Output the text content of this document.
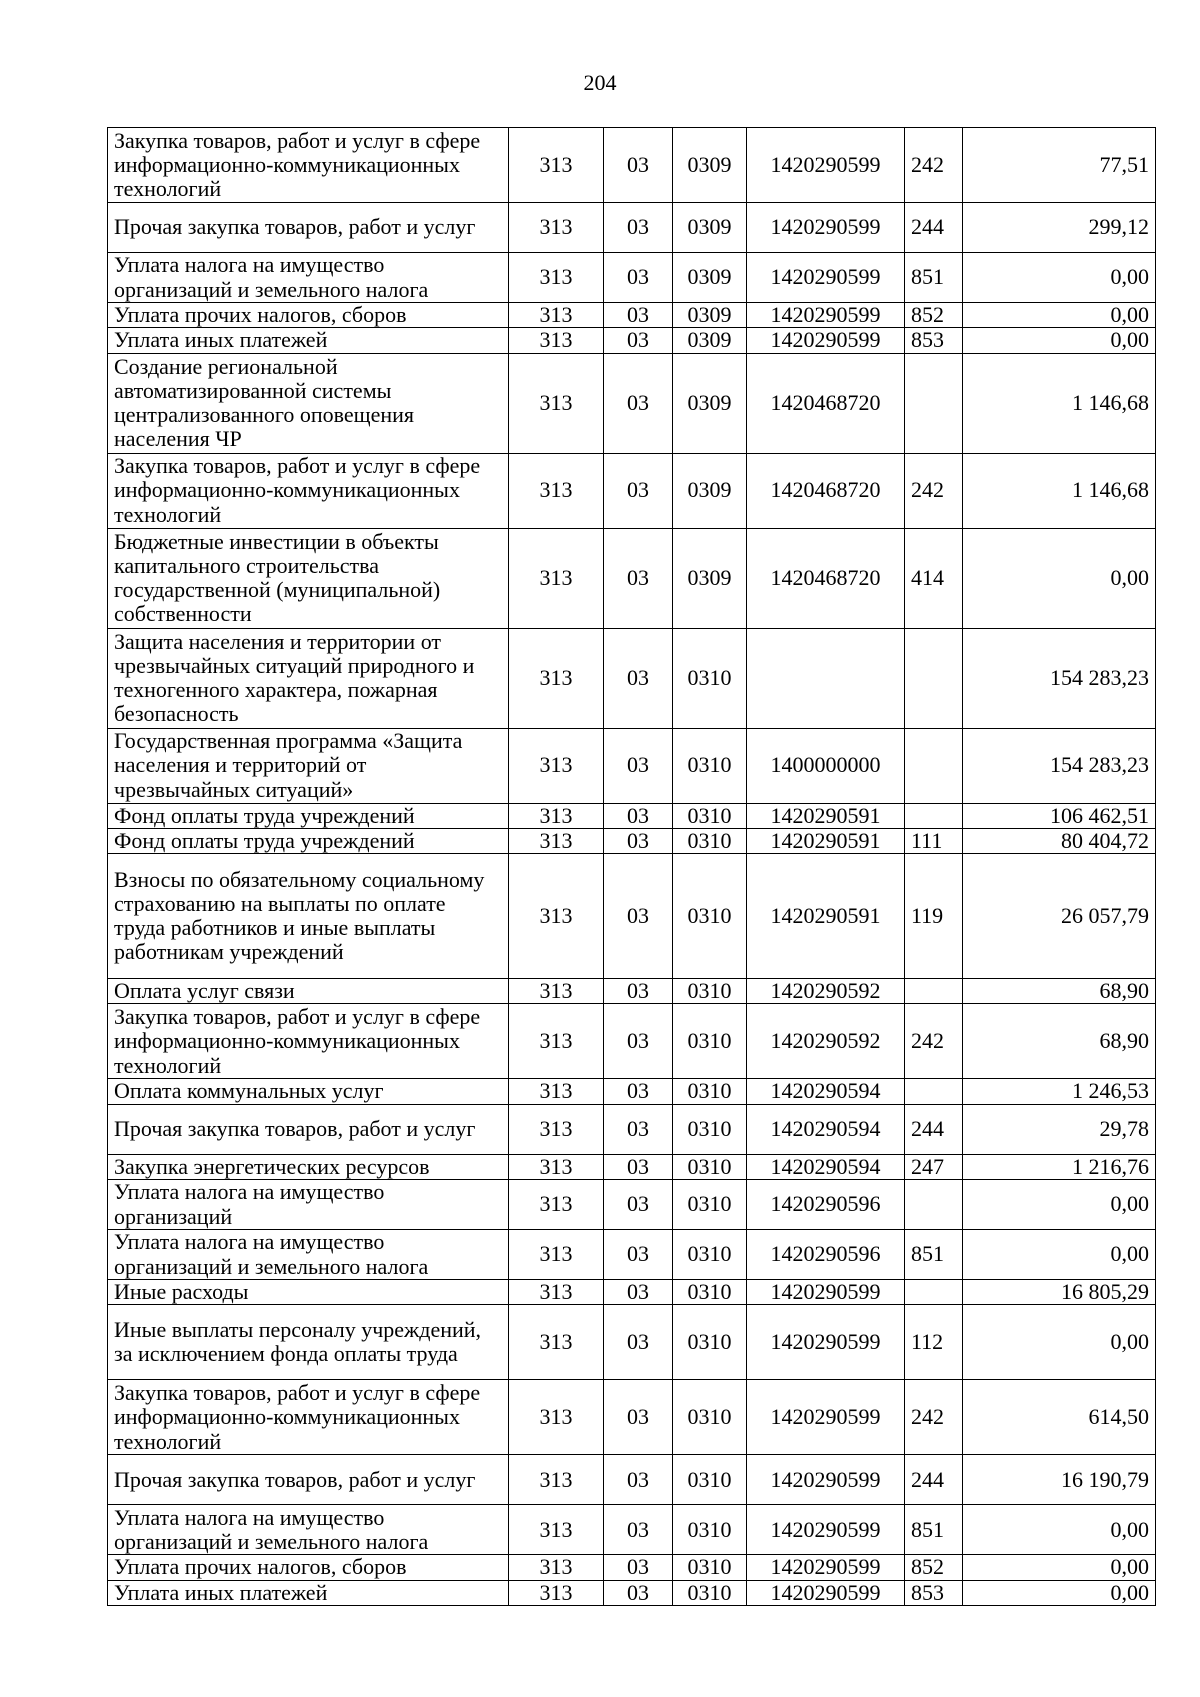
204
Закупка товаров, работ и услуг в сфере информационно-коммуникационных технологий	313	03	0309	1420290599	242	77,51
Прочая закупка товаров, работ и услуг	313	03	0309	1420290599	244	299,12
Уплата налога на имущество организаций и земельного налога	313	03	0309	1420290599	851	0,00
Уплата прочих налогов, сборов	313	03	0309	1420290599	852	0,00
Уплата иных платежей	313	03	0309	1420290599	853	0,00
Создание региональной автоматизированной системы централизованного оповещения населения ЧР	313	03	0309	1420468720		1 146,68
Закупка товаров, работ и услуг в сфере информационно-коммуникационных технологий	313	03	0309	1420468720	242	1 146,68
Бюджетные инвестиции в объекты капитального строительства государственной (муниципальной) собственности	313	03	0309	1420468720	414	0,00
Защита населения и территории от чрезвычайных ситуаций природного и техногенного характера, пожарная безопасность	313	03	0310			154 283,23
Государственная программа «Защита населения и территорий от чрезвычайных ситуаций»	313	03	0310	1400000000		154 283,23
Фонд оплаты труда учреждений	313	03	0310	1420290591		106 462,51
Фонд оплаты труда учреждений	313	03	0310	1420290591	111	80 404,72
Взносы по обязательному социальному страхованию на выплаты по оплате труда работников и иные выплаты работникам учреждений	313	03	0310	1420290591	119	26 057,79
Оплата услуг связи	313	03	0310	1420290592		68,90
Закупка товаров, работ и услуг в сфере информационно-коммуникационных технологий	313	03	0310	1420290592	242	68,90
Оплата коммунальных услуг	313	03	0310	1420290594		1 246,53
Прочая закупка товаров, работ и услуг	313	03	0310	1420290594	244	29,78
Закупка энергетических ресурсов	313	03	0310	1420290594	247	1 216,76
Уплата налога на имущество организаций	313	03	0310	1420290596		0,00
Уплата налога на имущество организаций и земельного налога	313	03	0310	1420290596	851	0,00
Иные расходы	313	03	0310	1420290599		16 805,29
Иные выплаты персоналу учреждений, за исключением фонда оплаты труда	313	03	0310	1420290599	112	0,00
Закупка товаров, работ и услуг в сфере информационно-коммуникационных технологий	313	03	0310	1420290599	242	614,50
Прочая закупка товаров, работ и услуг	313	03	0310	1420290599	244	16 190,79
Уплата налога на имущество организаций и земельного налога	313	03	0310	1420290599	851	0,00
Уплата прочих налогов, сборов	313	03	0310	1420290599	852	0,00
Уплата иных платежей	313	03	0310	1420290599	853	0,00
